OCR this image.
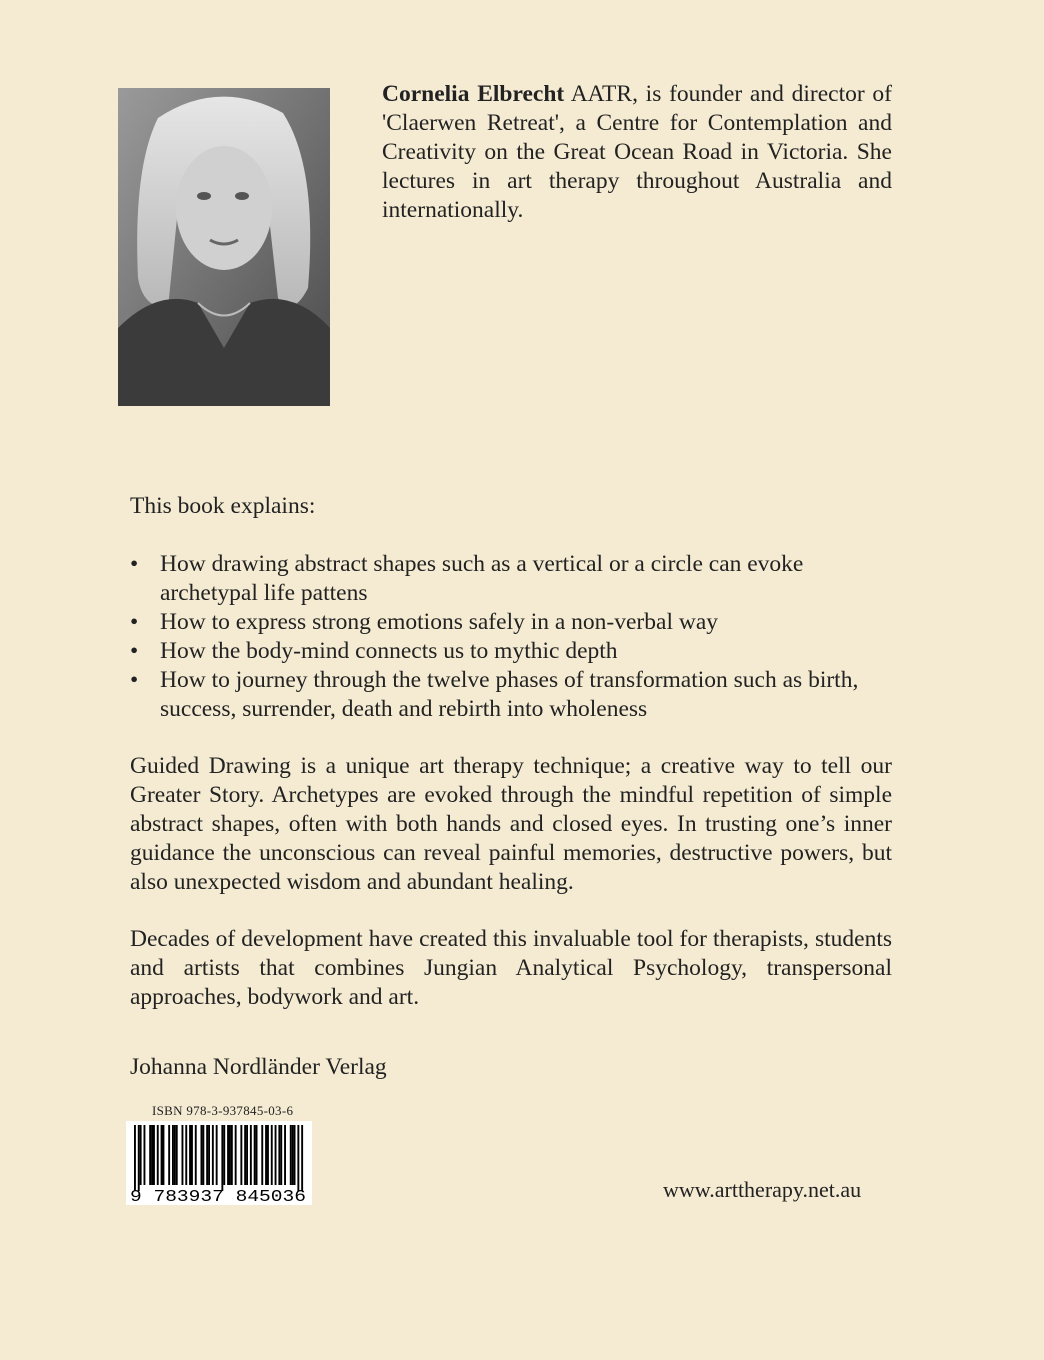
Cornelia Elbrecht AATR, is founder and director of 'Claerwen Retreat', a Centre for Contemplation and Creativity on the Great Ocean Road in Victoria. She lectures in art therapy throughout Australia and internationally.
This book explains:
• How drawing abstract shapes such as a vertical or a circle can evoke archetypal life pattens
• How to express strong emotions safely in a non-verbal way
• How the body-mind connects us to mythic depth
• How to journey through the twelve phases of transformation such as birth, success, surrender, death and rebirth into wholeness
Guided Drawing is a unique art therapy technique; a creative way to tell our Greater Story. Archetypes are evoked through the mindful repetition of simple abstract shapes, often with both hands and closed eyes. In trusting one’s inner guidance the unconscious can reveal painful memories, destructive powers, but also unexpected wisdom and abundant healing.
Decades of development have created this invaluable tool for therapists, students and artists that combines Jungian Analytical Psychology, transpersonal approaches, bodywork and art.
Johanna Nordländer Verlag
ISBN 978-3-937845-03-6
9 783937 845036	www.arttherapy.net.au
